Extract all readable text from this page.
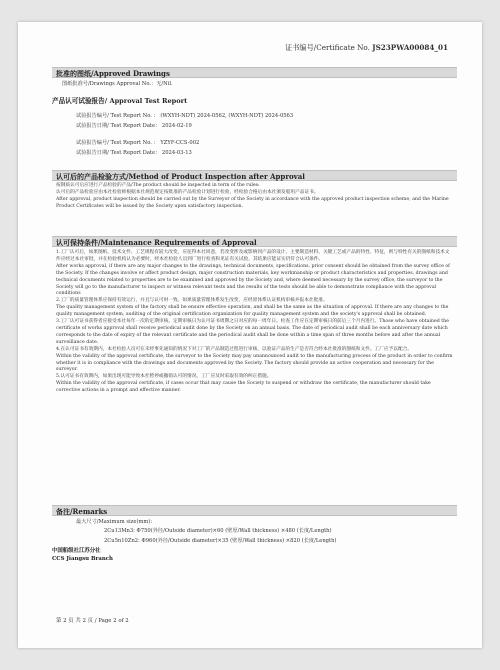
证书编号/Certificate No. JS23PWA00084_01
批准的图纸/Approved Drawings
图纸批准号/Drawings Approval No.：无/Nil.
产品认可试验报告/ Approval Test Report
试验报告编号/ Test Report No. ： (WXYH-NDT) 2024-0562, (WXYH-NDT) 2024-0563
试验报告日期/ Test Report Date： 2024-02-19
试验报告编号/ Test Report No. ： YZYF-CCS-002
试验报告日期/ Test Report Date： 2024-03-13
认可后的产品检验方式/Method of Product Inspection after Approval

按钢质认可后应进行产品检验的产品/The product should be inspected in term of the rules:

认可后的产品检验应由本社检验师根据本社规范规定按批准的产品检验计划进行检验，经检验合格后由本社颁发船用产品证书。

After approval, product inspection should be carried out by the Surveyor of the Society in accordance with the approved product inspection scheme, and the Marine Product Certificates will be issued by the Society upon satisfactory inspection.

认可保持条件/Maintenance Requirements of Approval

1.工厂认可后，如果图纸、技术文件、工艺规程有较大改变，应征得本社同意，若改变涉及或影响到产品的设计、主要制造材料、关键工艺或产品的特性、特征，则与特性有关的图纸和技术文件应经过本社审批，并在检验机构认为必要时，经本社检验人员到厂进行检查和见证有关试验，其结果应能证实仍符合认可条件。

After works approval, if there are any major changes to the drawings, technical documents, specifications, prior consent should be obtained from the survey office of the Society. If the changes involve or affect product design, major construction materials, key workmanship or product characteristics and properties, drawings and technical documents related to properties are to be examined and approved by the Society and, where deemed necessary by the survey office, the surveyor to the Society will go to the manufacturer to inspect or witness relevant tests and the results of the tests should be able to demonstrate compliance with the approval conditions

2.工厂的质量管理体系应保持有效运行，并且与认可时一致。如果质量管理体系发生改变，应经原体系认证机构审核并报本社批准。

The quality management system of the factory shall be ensure effective operation, and shall be the same as the situation of approval. If there are any changes to the quality management system, auditing of the original certification organization for quality management system and the society's approval shall be obtained.

3.工厂认可证书获得者应接受本社每年一次的定期审核。定期审核日为认可证书周期之日对应的每一周年日。检查工作应在定期审核日的前后三个月内进行。Those who have obtained the certificate of works approval shall receive periodical audit done by the Society on an annual basis. The date of periodical audit shall be each anniversary date which corresponds to the date of expiry of the relevant certificate and the periodical audit shall be done within a time span of three months before and after the annual surveillance date.

4.在认可证书有效期内，本社检验人员可在未经事先通知的情况下对工厂的产品制造过程进行审核，以验证产品的生产是否符合经本社批准的图纸和文件。工厂应予以配合。

Within the validity of the approval certificate, the surveyor to the Society may pay unannounced audit to the manufacturing process of the product in order to confirm whether it is in compliance with the drawings and documents approved by the Society. The factory should provide an active cooperation and necessary for the surveyor.

5.认可证书有效期内，如果出现可能导致本社暂停或撤销认可的情况，工厂应及时采取有效的纠正措施。

Within the validity of the approval certificate, if cases occur that may cause the Society to suspend or withdraw the certificate, the manufacturer should take corrective actions in a prompt and effective manner.

备注/Remarks
最大尺寸/Maximum size(mm):
2Cu13Mn3: Φ750(外径/Outside diameter)×60 (壁厚/Wall thickness) ×480 (长度/Length)
2Cu5n10Zn2: Φ960(外径/Outside diameter)×35 (壁厚/Wall thickness) ×820 (长度/Length)
中国船级社江苏分社
CCS Jiangsu Branch
第 2 页 共 2 页 / Page 2 of 2
